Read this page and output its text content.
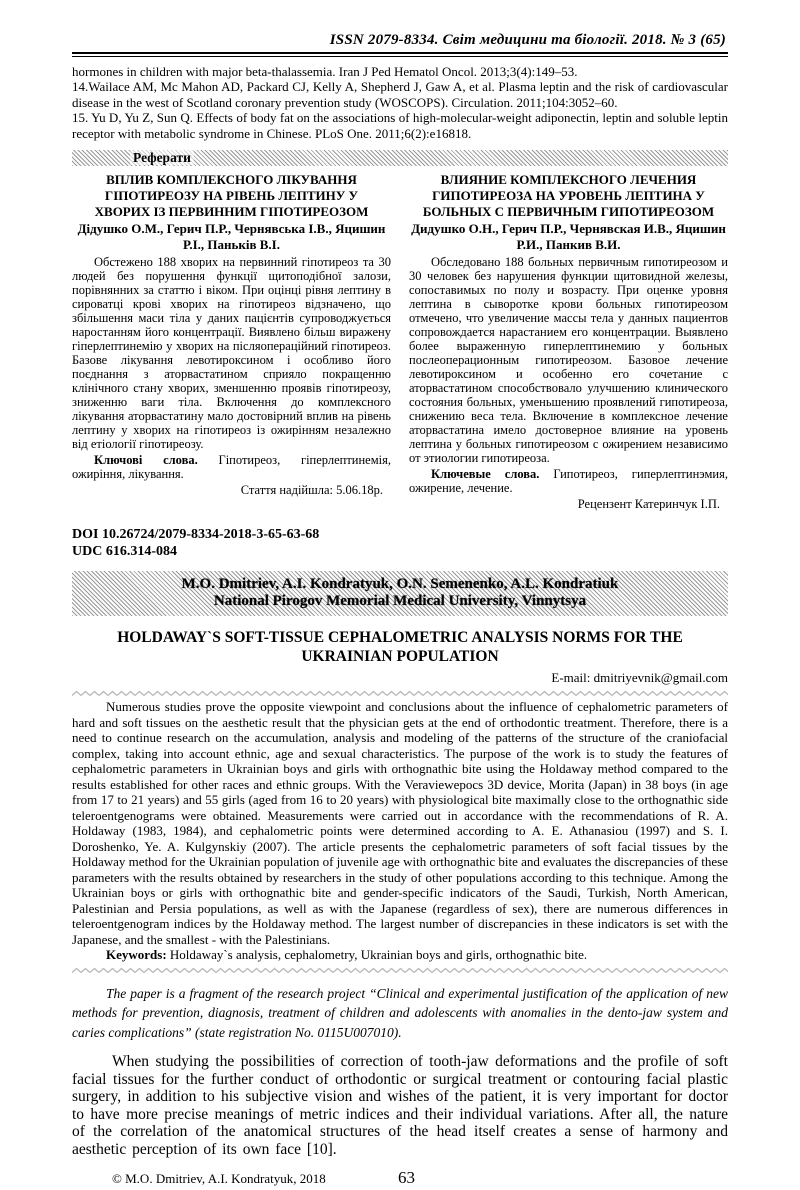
ISSN 2079-8334. Світ медицини та біології. 2018. № 3 (65)
hormones in children with major beta-thalassemia. Iran J Ped Hematol Oncol. 2013;3(4):149–53.
14.Wailace AM, Mc Mahon AD, Packard CJ, Kelly A, Shepherd J, Gaw A, et al. Plasma leptin and the risk of cardiovascular disease in the west of Scotland coronary prevention study (WOSCOPS). Circulation. 2011;104:3052–60.
15. Yu D, Yu Z, Sun Q. Effects of body fat on the associations of high-molecular-weight adiponectin, leptin and soluble leptin receptor with metabolic syndrome in Chinese. PLoS One. 2011;6(2):e16818.
Реферати
ВПЛИВ КОМПЛЕКСНОГО ЛІКУВАННЯ ГІПОТИРЕОЗУ НА РІВЕНЬ ЛЕПТИНУ У ХВОРИХ ІЗ ПЕРВИННИМ ГІПОТИРЕОЗОМ
Дідушко О.М., Герич П.Р., Чернявська І.В., Яцишин Р.І., Паньків В.І.

Обстежено 188 хворих на первинний гіпотиреоз та 30 людей без порушення функції щитоподібної залози, порівнянних за статтю і віком. При оцінці рівня лептину в сироватці крові хворих на гіпотиреоз відзначено, що збільшення маси тіла у даних пацієнтів супроводжується наростанням його концентрації. Виявлено більш виражену гіперлептинемію у хворих на післяопераційний гіпотиреоз. Базове лікування левотироксином і особливо його поєднання з аторвастатином сприяло покращенню клінічного стану хворих, зменшенню проявів гіпотиреозу, зниженню ваги тіла. Включення до комплексного лікування аторвастатину мало достовірний вплив на рівень лептину у хворих на гіпотиреоз із ожирінням незалежно від етіології гіпотиреозу.

Ключові слова. Гіпотиреоз, гіперлептинемія, ожиріння, лікування.

Стаття надійшла: 5.06.18р.

ВЛИЯНИЕ КОМПЛЕКСНОГО ЛЕЧЕНИЯ ГИПОТИРЕОЗА НА УРОВЕНЬ ЛЕПТИНА У БОЛЬНЫХ С ПЕРВИЧНЫМ ГИПОТИРЕОЗОМ
Дидушко О.Н., Герич П.Р., Чернявская И.В., Яцишин Р.И., Панкив В.И.

Обследовано 188 больных первичным гипотиреозом и 30 человек без нарушения функции щитовидной железы, сопоставимых по полу и возрасту. При оценке уровня лептина в сыворотке крови больных гипотиреозом отмечено, что увеличение массы тела у данных пациентов сопровождается нарастанием его концентрации. Выявлено более выраженную гиперлептинемию у больных послеоперационным гипотиреозом. Базовое лечение левотироксином и особенно его сочетание с аторвастатином способствовало улучшению клинического состояния больных, уменьшению проявлений гипотиреоза, снижению веса тела. Включение в комплексное лечение аторвастатина имело достоверное влияние на уровень лептина у больных гипотиреозом с ожирением независимо от этиологии гипотиреоза.

Ключевые слова. Гипотиреоз, гиперлептинэмия, ожирение, лечение.

Рецензент Катеринчук І.П.

DOI 10.26724/2079-8334-2018-3-65-63-68
UDC 616.314-084
M.O. Dmitriev, A.I. Kondratyuk, O.N. Semenenko, A.L. Kondratiuk
National Pirogov Memorial Medical University, Vinnytsya
HOLDAWAY`S SOFT-TISSUE CEPHALOMETRIC ANALYSIS NORMS FOR THE UKRAINIAN POPULATION
E-mail: dmitriyevnik@gmail.com

Numerous studies prove the opposite viewpoint and conclusions about the influence of cephalometric parameters of hard and soft tissues on the aesthetic result that the physician gets at the end of orthodontic treatment. Therefore, there is a need to continue research on the accumulation, analysis and modeling of the patterns of the structure of the craniofacial complex, taking into account ethnic, age and sexual characteristics. The purpose of the work is to study the features of cephalometric parameters in Ukrainian boys and girls with orthognathic bite using the Holdaway method compared to the results established for other races and ethnic groups. With the Veraviewepocs 3D device, Morita (Japan) in 38 boys (in age from 17 to 21 years) and 55 girls (aged from 16 to 20 years) with physiological bite maximally close to the orthognathic side teleroentgenograms were obtained. Measurements were carried out in accordance with the recommendations of R. A. Holdaway (1983, 1984), and cephalometric points were determined according to A. E. Athanasiou (1997) and S. I. Doroshenko, Ye. A. Kulgynskiy (2007). The article presents the cephalometric parameters of soft facial tissues by the Holdaway method for the Ukrainian population of juvenile age with orthognathic bite and evaluates the discrepancies of these parameters with the results obtained by researchers in the study of other populations according to this technique. Among the Ukrainian boys or girls with orthognathic bite and gender-specific indicators of the Saudi, Turkish, North American, Palestinian and Persia populations, as well as with the Japanese (regardless of sex), there are numerous differences in teleroentgenogram indices by the Holdaway method. The largest number of discrepancies in these indicators is set with the Japanese, and the smallest - with the Palestinians.

Keywords: Holdaway`s analysis, cephalometry, Ukrainian boys and girls, orthognathic bite.

The paper is a fragment of the research project “Clinical and experimental justification of the application of new methods for prevention, diagnosis, treatment of children and adolescents with anomalies in the dento-jaw system and caries complications” (state registration No. 0115U007010).

When studying the possibilities of correction of tooth-jaw deformations and the profile of soft facial tissues for the further conduct of orthodontic or surgical treatment or contouring facial plastic surgery, in addition to his subjective vision and wishes of the patient, it is very important for doctor to have more precise meanings of metric indices and their individual variations. After all, the nature of the correlation of the anatomical structures of the head itself creates a sense of harmony and aesthetic perception of its own face [10].

© M.O. Dmitriev, A.I. Kondratyuk, 2018	63
